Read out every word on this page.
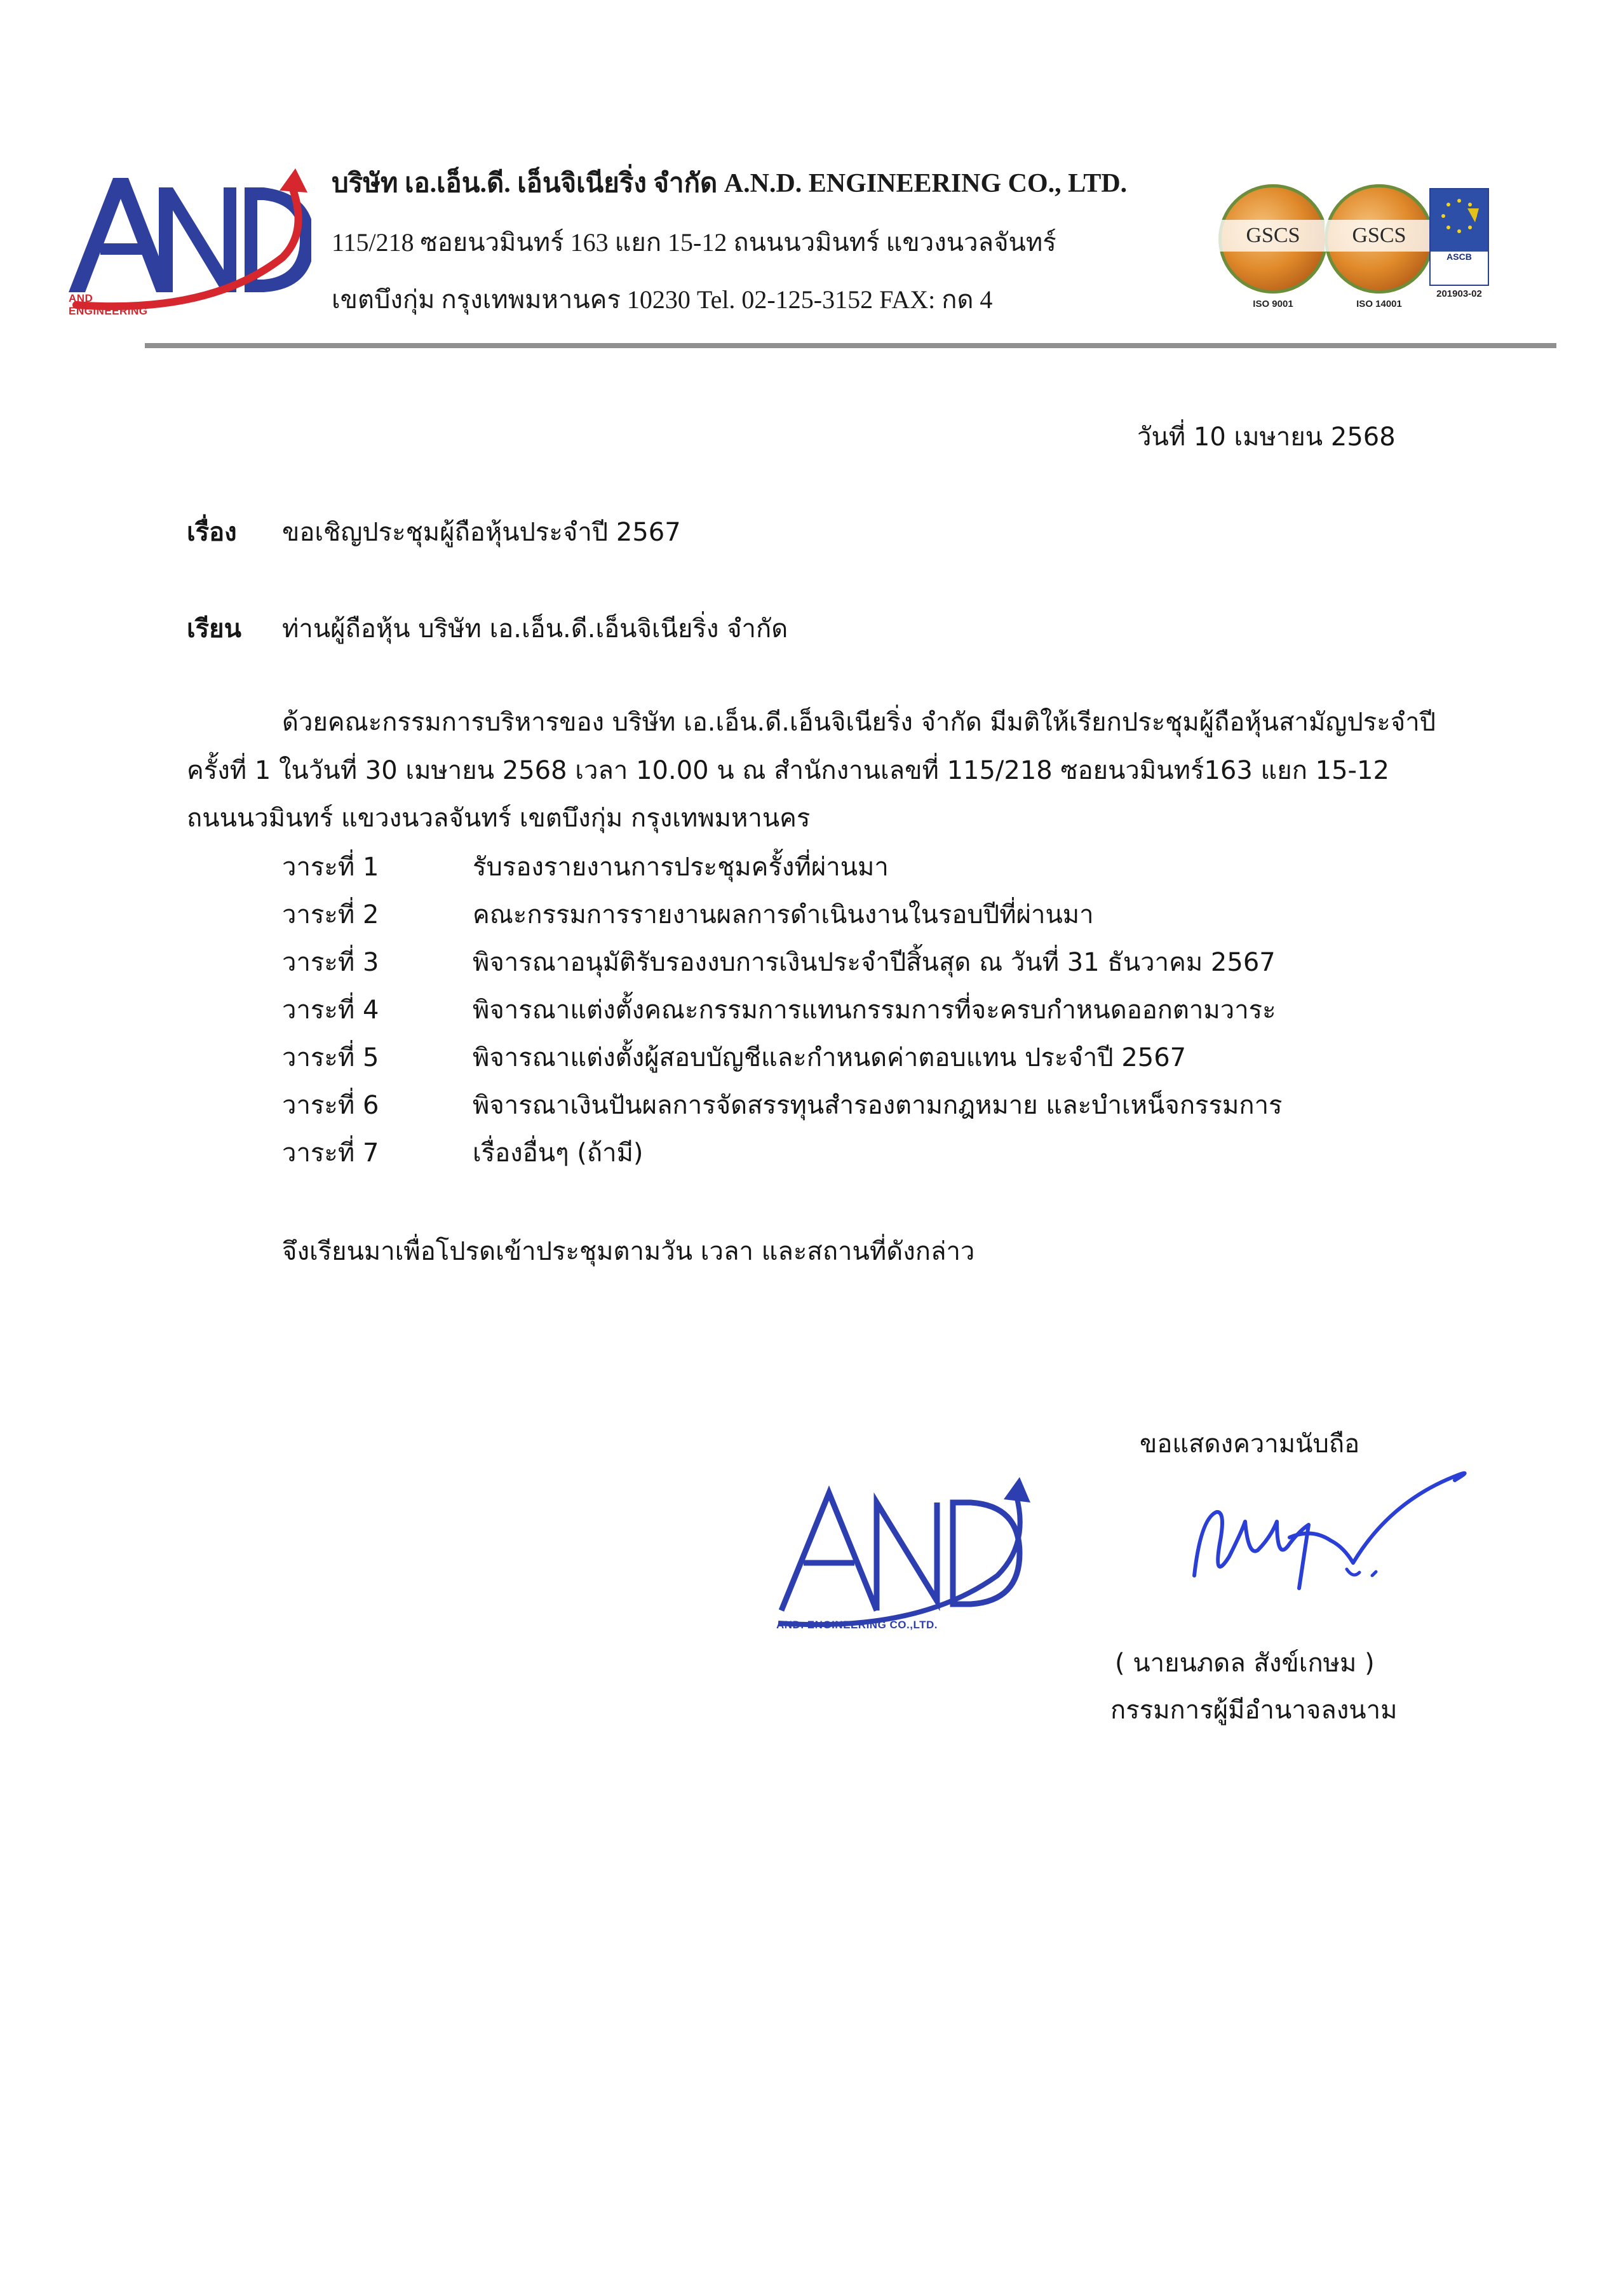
AND ENGINEERING
บริษัท เอ.เอ็น.ดี. เอ็นจิเนียริ่ง จำกัด A.N.D. ENGINEERING CO., LTD.
115/218 ซอยนวมินทร์ 163 แยก 15-12 ถนนนวมินทร์ แขวงนวลจันทร์
เขตบึงกุ่ม กรุงเทพมหานคร 10230 Tel. 02-125-3152 FAX: กด 4
GSCS
ISO 9001
GSCS
ISO 14001
ASCB
201903-02
วันที่ 10 เมษายน 2568
เรื่อง ขอเชิญประชุมผู้ถือหุ้นประจำปี 2567
เรียน ท่านผู้ถือหุ้น บริษัท เอ.เอ็น.ดี.เอ็นจิเนียริ่ง จำกัด
ด้วยคณะกรรมการบริหารของ บริษัท เอ.เอ็น.ดี.เอ็นจิเนียริ่ง จำกัด มีมติให้เรียกประชุมผู้ถือหุ้นสามัญประจำปี
ครั้งที่ 1 ในวันที่ 30 เมษายน 2568 เวลา 10.00 น ณ สำนักงานเลขที่ 115/218 ซอยนวมินทร์163 แยก 15-12
ถนนนวมินทร์ แขวงนวลจันทร์ เขตบึงกุ่ม กรุงเทพมหานคร
วาระที่ 1	รับรองรายงานการประชุมครั้งที่ผ่านมา
วาระที่ 2	คณะกรรมการรายงานผลการดำเนินงานในรอบปีที่ผ่านมา
วาระที่ 3	พิจารณาอนุมัติรับรองงบการเงินประจำปีสิ้นสุด ณ วันที่ 31 ธันวาคม 2567
วาระที่ 4	พิจารณาแต่งตั้งคณะกรรมการแทนกรรมการที่จะครบกำหนดออกตามวาระ
วาระที่ 5	พิจารณาแต่งตั้งผู้สอบบัญชีและกำหนดค่าตอบแทน ประจำปี 2567
วาระที่ 6	พิจารณาเงินปันผลการจัดสรรทุนสำรองตามกฎหมาย และบำเหน็จกรรมการ
วาระที่ 7	เรื่องอื่นๆ (ถ้ามี)
จึงเรียนมาเพื่อโปรดเข้าประชุมตามวัน เวลา และสถานที่ดังกล่าว
ขอแสดงความนับถือ
AND. ENGINEERING CO.,LTD.
( นายนภดล สังข์เกษม )
กรรมการผู้มีอำนาจลงนาม
